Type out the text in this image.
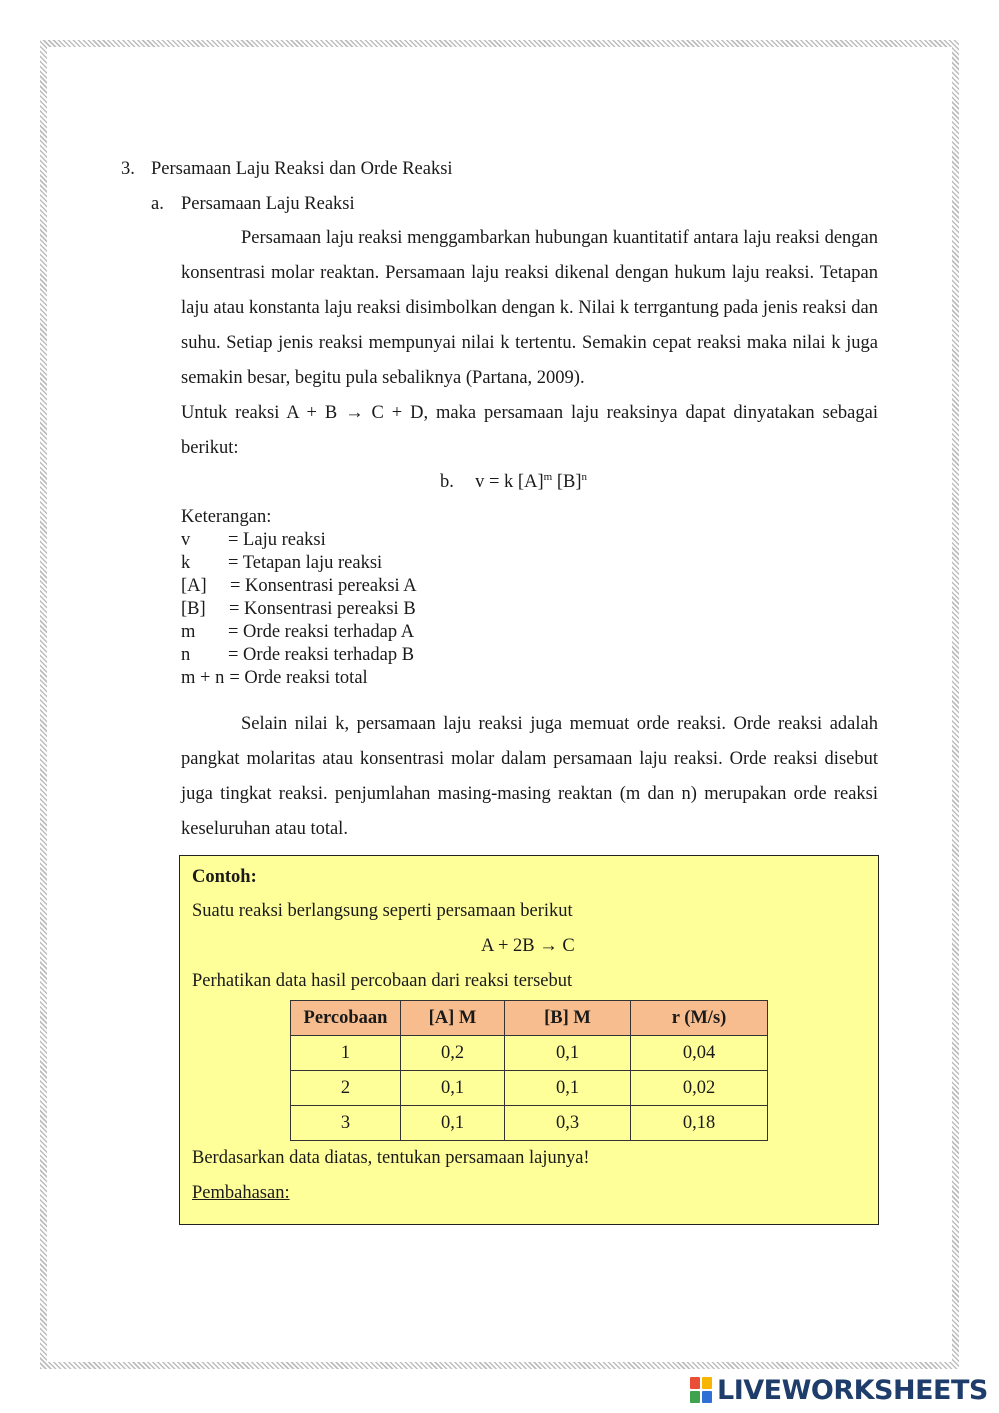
3. Persamaan Laju Reaksi dan Orde Reaksi
a. Persamaan Laju Reaksi

Persamaan laju reaksi menggambarkan hubungan kuantitatif antara laju reaksi dengan konsentrasi molar reaktan. Persamaan laju reaksi dikenal dengan hukum laju reaksi. Tetapan laju atau konstanta laju reaksi disimbolkan dengan k. Nilai k terrgantung pada jenis reaksi dan suhu. Setiap jenis reaksi mempunyai nilai k tertentu. Semakin cepat reaksi maka nilai k juga semakin besar, begitu pula sebaliknya (Partana, 2009).

Untuk reaksi A + B → C + D, maka persamaan laju reaksinya dapat dinyatakan sebagai berikut:

b. v = k $[A]^m$ $[B]^n$
Keterangan:
v = Laju reaksi
k = Tetapan laju reaksi
[A] = Konsentrasi pereaksi A
[B] = Konsentrasi pereaksi B
m = Orde reaksi terhadap A
n = Orde reaksi terhadap B
m + n = Orde reaksi total

Selain nilai k, persamaan laju reaksi juga memuat orde reaksi. Orde reaksi adalah pangkat molaritas atau konsentrasi molar dalam persamaan laju reaksi. Orde reaksi disebut juga tingkat reaksi. penjumlahan masing-masing reaktan (m dan n) merupakan orde reaksi keseluruhan atau total.

Contoh:
Suatu reaksi berlangsung seperti persamaan berikut
A + 2B → C
Perhatikan data hasil percobaan dari reaksi tersebut
Percobaan	[A] M	[B] M	r (M/s)
1	0,2	0,1	0,04
2	0,1	0,1	0,02
3	0,1	0,3	0,18
Berdasarkan data diatas, tentukan persamaan lajunya!
Pembahasan:
LIVEWORKSHEETS
